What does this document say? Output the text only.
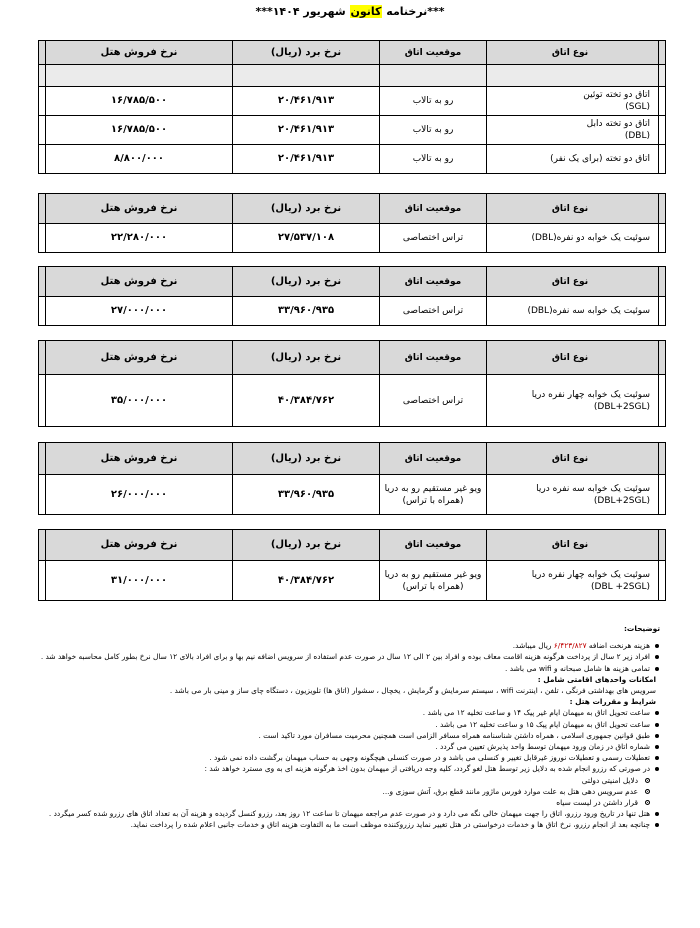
***نرخنامه کانون شهریور ۱۴۰۴***
	نوع اتاق	موقعیت اتاق	نرخ برد (ریال)	نرخ فروش هتل	

	اتاق دو تخته توئین
(SGL)	رو به تالاب	۲۰/۴۶۱/۹۱۳	۱۶/۷۸۵/۵۰۰	
	اتاق دو تخته دابل
(DBL)	رو به تالاب	۲۰/۴۶۱/۹۱۳	۱۶/۷۸۵/۵۰۰	
	اتاق دو تخته (برای یک نفر)	رو به تالاب	۲۰/۴۶۱/۹۱۳	۸/۸۰۰/۰۰۰	
	نوع اتاق	موقعیت اتاق	نرخ برد (ریال)	نرخ فروش هتل	
	سوئیت یک خوابه دو نفره(DBL)	تراس اختصاصی	۲۷/۵۳۷/۱۰۸	۲۲/۲۸۰/۰۰۰	
	نوع اتاق	موقعیت اتاق	نرخ برد (ریال)	نرخ فروش هتل	
	سوئیت یک خوابه سه نفره(DBL)	تراس اختصاصی	۳۳/۹۶۰/۹۳۵	۲۷/۰۰۰/۰۰۰	
	نوع اتاق	موقعیت اتاق	نرخ برد (ریال)	نرخ فروش هتل	
	سوئیت یک خوابه چهار نفره دریا
(DBL+2SGL)	تراس اختصاصی	۴۰/۳۸۴/۷۶۲	۳۵/۰۰۰/۰۰۰	
	نوع اتاق	موقعیت اتاق	نرخ برد (ریال)	نرخ فروش هتل	
	سوئیت یک خوابه سه نفره دریا
(DBL+2SGL)	ویو غیر مستقیم رو به دریا
(همراه با تراس)	۳۳/۹۶۰/۹۳۵	۲۶/۰۰۰/۰۰۰	
	نوع اتاق	موقعیت اتاق	نرخ برد (ریال)	نرخ فروش هتل	
	سوئیت یک خوابه چهار نفره دریا
(DBL +2SGL)	ویو غیر مستقیم رو به دریا
(همراه با تراس)	۴۰/۳۸۴/۷۶۲	۳۱/۰۰۰/۰۰۰	
توضیحات:
هزینه هرنخت اضافه ۶/۴۲۳/۸۲۷ ریال میباشد.
افراد زیر ۲ سال از پرداخت هرگونه هزینه اقامت معاف بوده و افراد بین ۲ الی ۱۲ سال در صورت عدم استفاده از سرویس اضافه نیم بها و برای افراد بالای ۱۲ سال نرخ بطور کامل محاسبه خواهد شد .
تمامی هزینه ها شامل صبحانه و wifi می باشد .
امکانات واحدهای اقامتی شامل :
سرویس های بهداشتی فرنگی ، تلفن ، اینترنت wifi ، سیستم سرمایش و گرمایش ، یخچال ، سشوار (اتاق ها) تلویزیون ، دستگاه چای ساز و مینی بار می باشد .
شرایط و مقررات هتل :
ساعت تحویل اتاق به میهمان ایام غیر پیک ۱۴ و ساعت تخلیه ۱۲ می باشد .
ساعت تحویل اتاق به میهمان ایام پیک ۱۵ و ساعت تخلیه ۱۲ می باشد .
طبق قوانین جمهوری اسلامی ، همراه داشتن شناسنامه همراه مسافر الزامی است همچنین محرمیت مسافران مورد تاکید است .
شماره اتاق در زمان ورود میهمان توسط واحد پذیرش تعیین می گردد .
تعطیلات رسمی و تعطیلات نوروز غیرقابل تغییر و کنسلی می باشد و در صورت کنسلی هیچگونه وجهی به حساب میهمان برگشت داده نمی شود .
در صورتی که رزرو انجام شده به دلایل زیر توسط هتل لغو گردد، کلیه وجه دریافتی از میهمان بدون اخذ هرگونه هزینه ای به وی مسترد خواهد شد :
دلایل امنیتی دولتی
عدم سرویس دهی هتل به علت موارد فورس ماژور مانند قطع برق، آتش سوزی و...
قرار داشتن در لیست سیاه
هتل تنها در تاریخ ورود رزرو، اتاق را جهت میهمان خالی نگه می دارد و در صورت عدم مراجعه میهمان تا ساعت ۱۲ روز بعد، رزرو کنسل گردیده و هزینه آن به تعداد اتاق های رزرو شده کسر میگردد .
چنانچه بعد از انجام رزرو، نرخ اتاق ها و خدمات درخواستی در هتل تغییر نماید رزروکننده موظف است ما به التفاوت هزینه اتاق و خدمات جانبی اعلام شده را پرداخت نماید.
